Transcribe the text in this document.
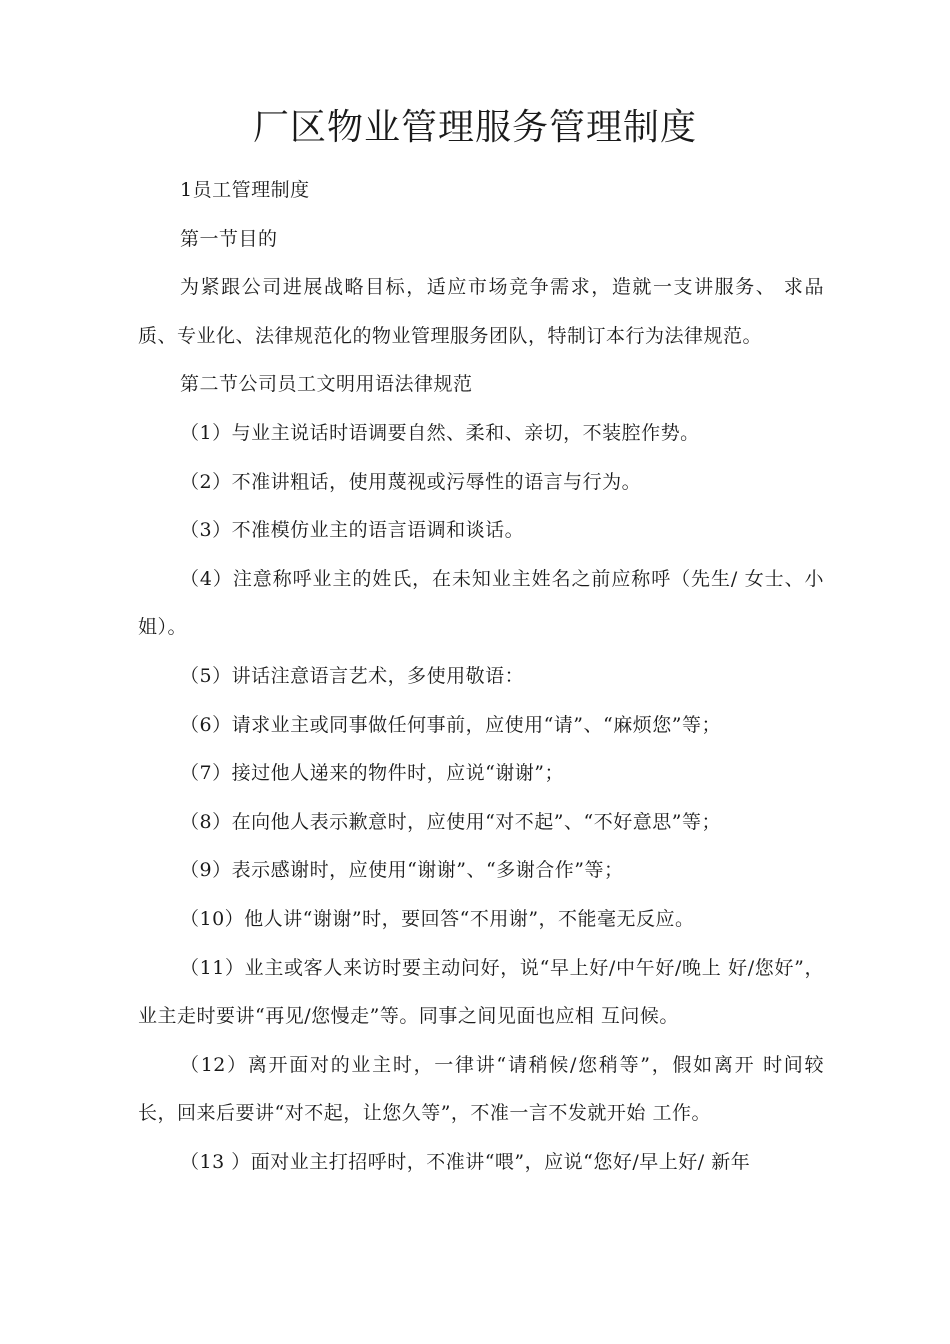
厂区物业管理服务管理制度

1员工管理制度

第一节目的

为紧跟公司进展战略目标，适应市场竞争需求，造就一支讲服务、 求品质、专业化、法律规范化的物业管理服务团队，特制订本行为法律规范。

第二节公司员工文明用语法律规范

（1）与业主说话时语调要自然、柔和、亲切，不装腔作势。

（2）不准讲粗话，使用蔑视或污辱性的语言与行为。

（3）不准模仿业主的语言语调和谈话。

（4）注意称呼业主的姓氏，在未知业主姓名之前应称呼（先生/ 女士、小姐）。

（5）讲话注意语言艺术，多使用敬语：

（6）请求业主或同事做任何事前，应使用“请”、“麻烦您”等；

（7）接过他人递来的物件时，应说“谢谢”；

（8）在向他人表示歉意时，应使用“对不起”、“不好意思”等；

（9）表示感谢时，应使用“谢谢”、“多谢合作”等；

（10）他人讲“谢谢”时，要回答“不用谢”，不能毫无反应。

（11）业主或客人来访时要主动问好，说“早上好/中午好/晚上 好/您好”，业主走时要讲“再见/您慢走”等。同事之间见面也应相 互问候。

（12）离开面对的业主时，一律讲“请稍候/您稍等”，假如离开 时间较长，回来后要讲“对不起，让您久等”，不准一言不发就开始 工作。

（13 ）面对业主打招呼时，不准讲“喂”，应说“您好/早上好/ 新年
